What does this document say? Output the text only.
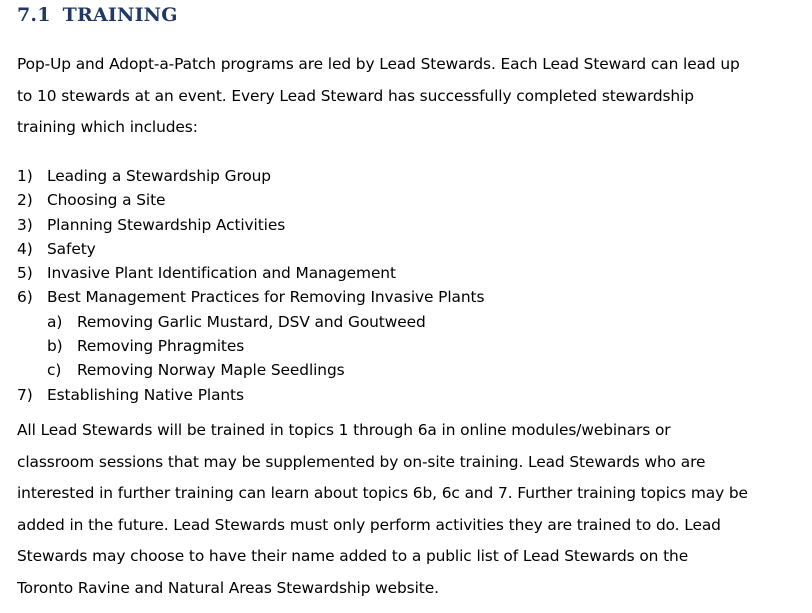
7.1 TRAINING
Pop-Up and Adopt-a-Patch programs are led by Lead Stewards. Each Lead Steward can lead up
to 10 stewards at an event. Every Lead Steward has successfully completed stewardship
training which includes:
1) Leading a Stewardship Group
2) Choosing a Site
3) Planning Stewardship Activities
4) Safety
5) Invasive Plant Identification and Management
6) Best Management Practices for Removing Invasive Plants
a) Removing Garlic Mustard, DSV and Goutweed
b) Removing Phragmites
c) Removing Norway Maple Seedlings
7) Establishing Native Plants
All Lead Stewards will be trained in topics 1 through 6a in online modules/webinars or
classroom sessions that may be supplemented by on-site training. Lead Stewards who are
interested in further training can learn about topics 6b, 6c and 7. Further training topics may be
added in the future. Lead Stewards must only perform activities they are trained to do. Lead
Stewards may choose to have their name added to a public list of Lead Stewards on the
Toronto Ravine and Natural Areas Stewardship website.
